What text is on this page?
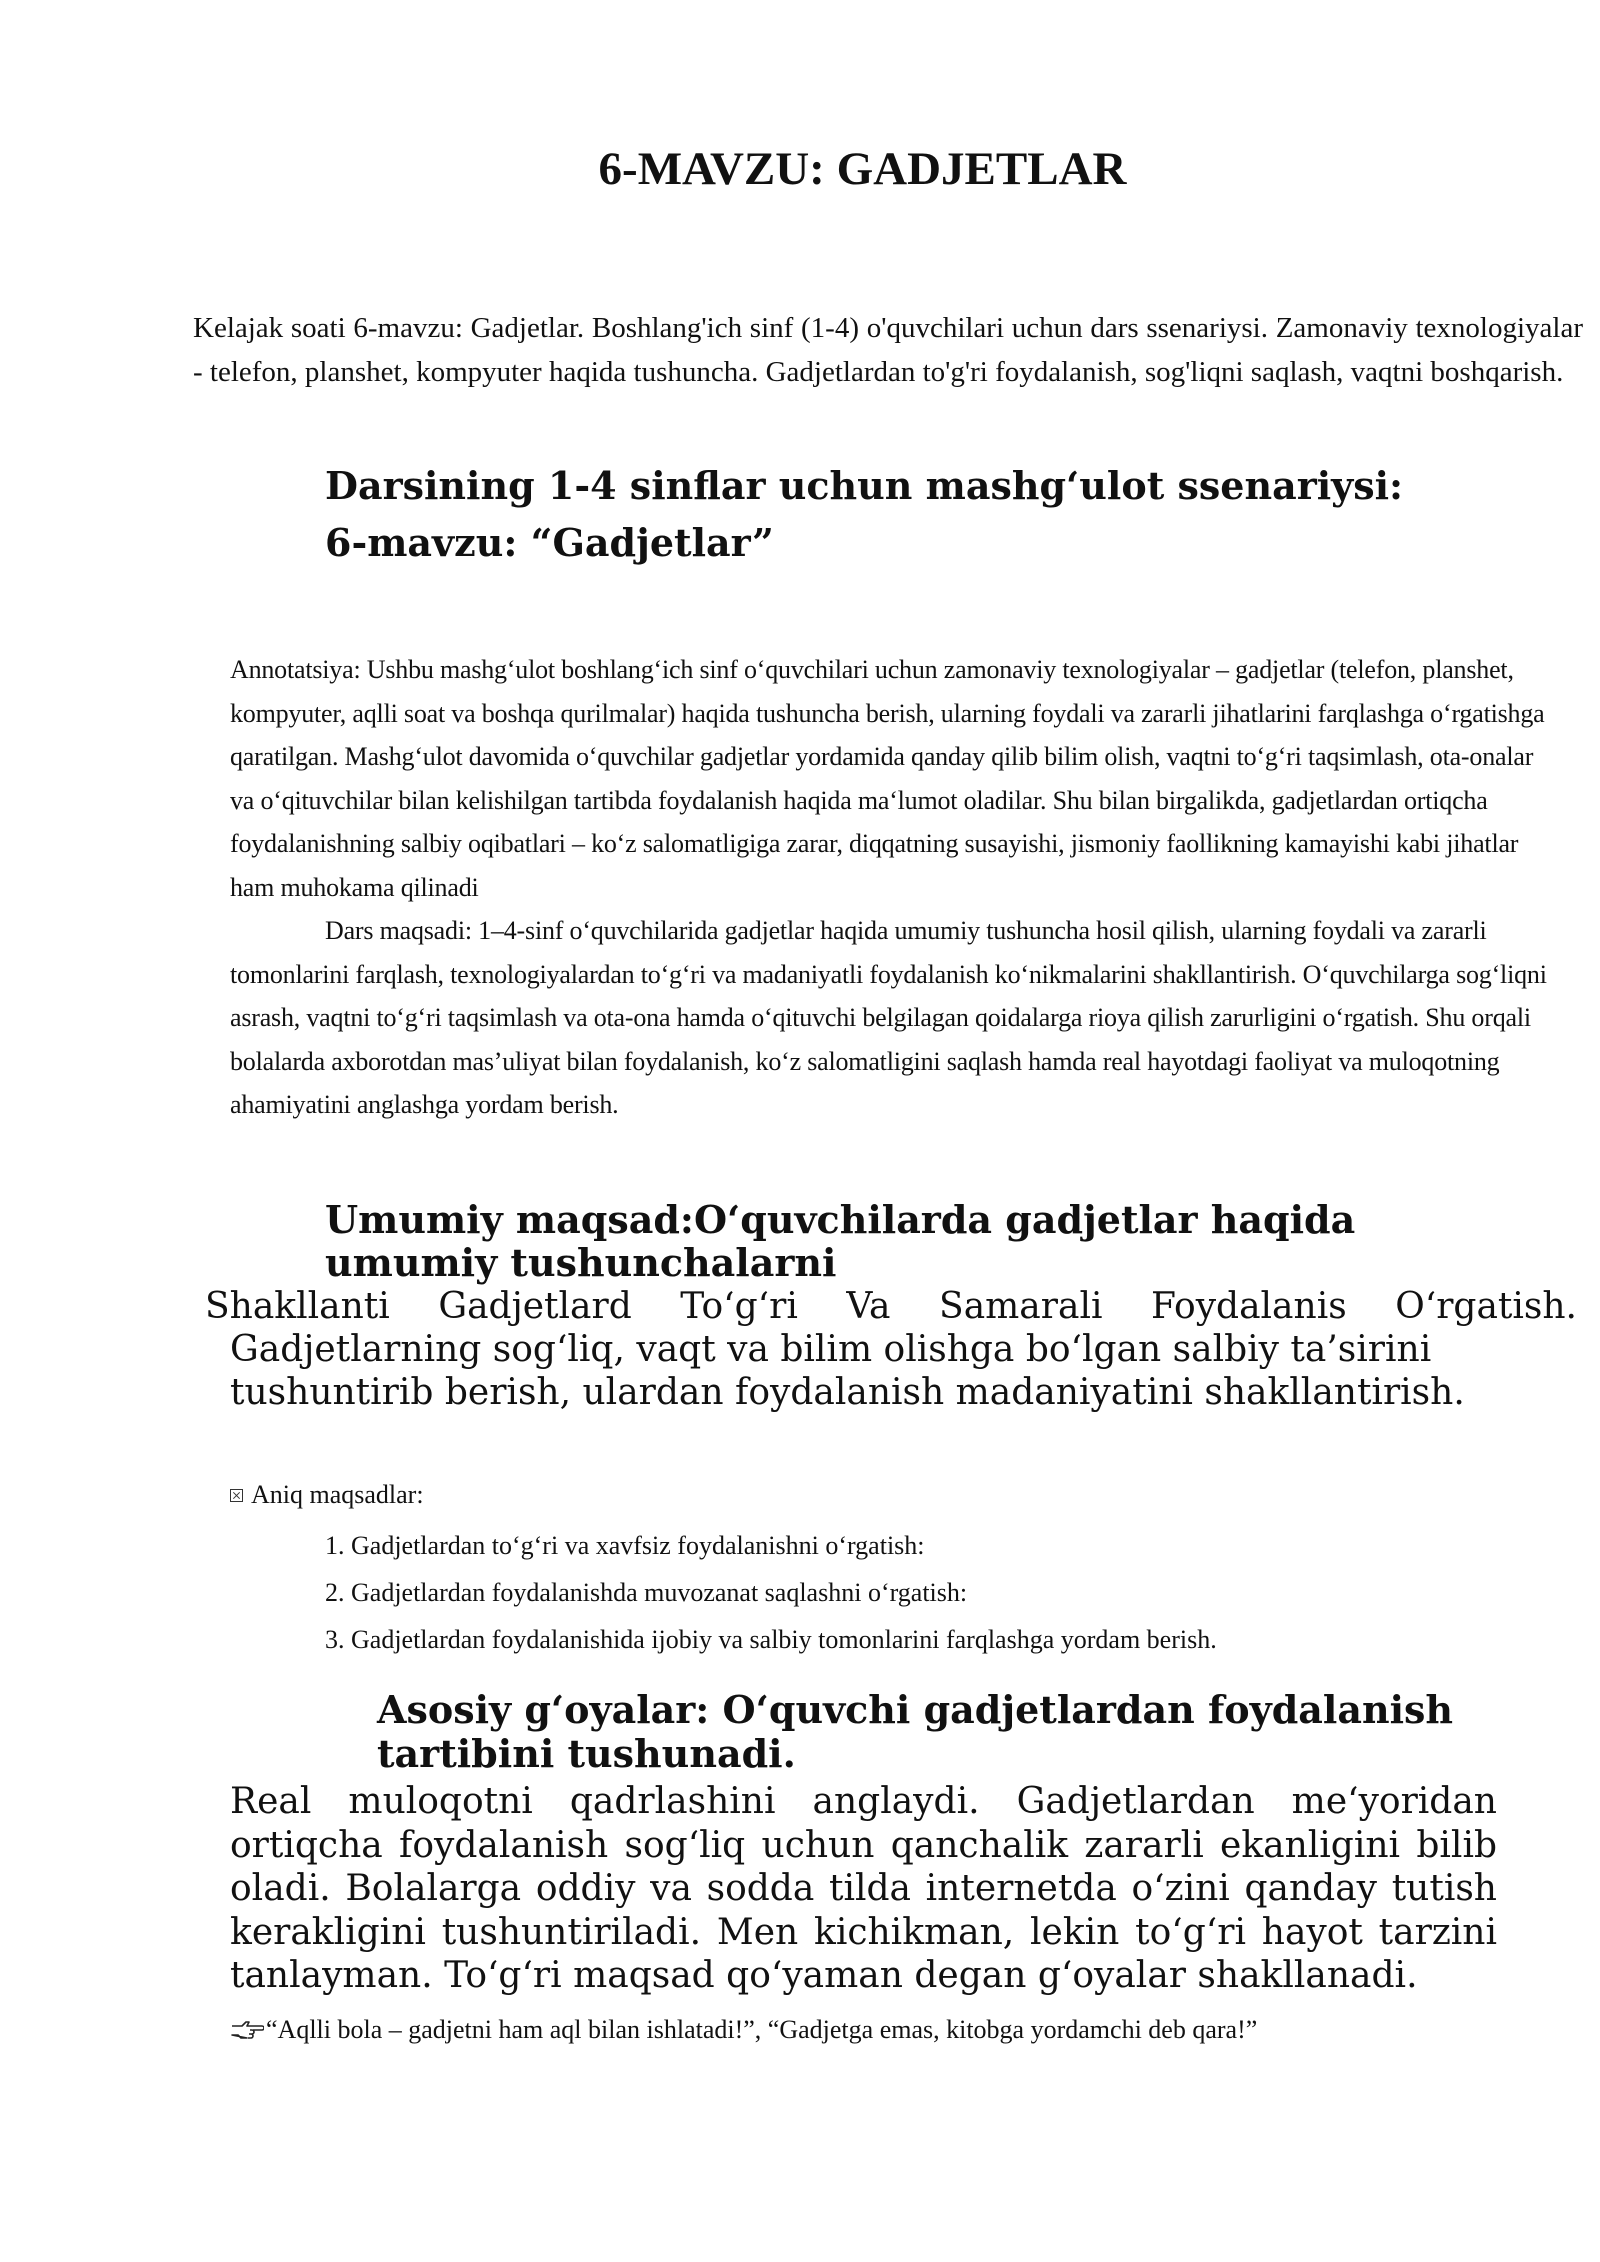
6-MAVZU: GADJETLAR

Kelajak soati 6-mavzu: Gadjetlar. Boshlang'ich sinf (1-4) o'quvchilari uchun dars ssenariysi. Zamonaviy texnologiyalar - telefon, planshet, kompyuter haqida tushuncha. Gadjetlardan to'g'ri foydalanish, sog'liqni saqlash, vaqtni boshqarish.

Darsining 1-4 sinflar uchun mashg‘ulot ssenariysi:
6-mavzu: “Gadjetlar”

Annotatsiya: Ushbu mashg‘ulot boshlang‘ich sinf o‘quvchilari uchun zamonaviy texnologiyalar – gadjetlar (telefon, planshet, kompyuter, aqlli soat va boshqa qurilmalar) haqida tushuncha berish, ularning foydali va zararli jihatlarini farqlashga o‘rgatishga qaratilgan. Mashg‘ulot davomida o‘quvchilar gadjetlar yordamida qanday qilib bilim olish, vaqtni to‘g‘ri taqsimlash, ota-onalar va o‘qituvchilar bilan kelishilgan tartibda foydalanish haqida ma‘lumot oladilar. Shu bilan birgalikda, gadjetlardan ortiqcha foydalanishning salbiy oqibatlari – ko‘z salomatligiga zarar, diqqatning susayishi, jismoniy faollikning kamayishi kabi jihatlar ham muhokama qilinadi

Dars maqsadi: 1–4-sinf o‘quvchilarida gadjetlar haqida umumiy tushuncha hosil qilish, ularning foydali va zararli tomonlarini farqlash, texnologiyalardan to‘g‘ri va madaniyatli foydalanish ko‘nikmalarini shakllantirish. O‘quvchilarga sog‘liqni asrash, vaqtni to‘g‘ri taqsimlash va ota-ona hamda o‘qituvchi belgilagan qoidalarga rioya qilish zarurligini o‘rgatish. Shu orqali bolalarda axborotdan mas’uliyat bilan foydalanish, ko‘z salomatligini saqlash hamda real hayotdagi faoliyat va muloqotning ahamiyatini anglashga yordam berish.

Umumiy maqsad:O‘quvchilarda gadjetlar haqida umumiy tushunchalarni
Shakllanti Gadjetlard To‘g‘ri Va Samarali Foydalanis O‘rgatish.
Gadjetlarning sog‘liq, vaqt va bilim olishga bo‘lgan salbiy ta’sirini tushuntirib berish, ulardan foydalanish madaniyatini shakllantirish.
Aniq maqsadlar:
1. Gadjetlardan to‘g‘ri va xavfsiz foydalanishni o‘rgatish:
2. Gadjetlardan foydalanishda muvozanat saqlashni o‘rgatish:
3. Gadjetlardan foydalanishida ijobiy va salbiy tomonlarini farqlashga yordam berish.
Asosiy g‘oyalar: O‘quvchi gadjetlardan foydalanish tartibini tushunadi.
Real muloqotni qadrlashini anglaydi. Gadjetlardan me‘yoridan ortiqcha foydalanish sog‘liq uchun qanchalik zararli ekanligini bilib oladi. Bolalarga oddiy va sodda tilda internetda o‘zini qanday tutish kerakligini tushuntiriladi. Men kichikman, lekin to‘g‘ri hayot tarzini tanlayman. To‘g‘ri maqsad qo‘yaman degan g‘oyalar shakllanadi.
“Aqlli bola – gadjetni ham aql bilan ishlatadi!”, “Gadjetga emas, kitobga yordamchi deb qara!”
